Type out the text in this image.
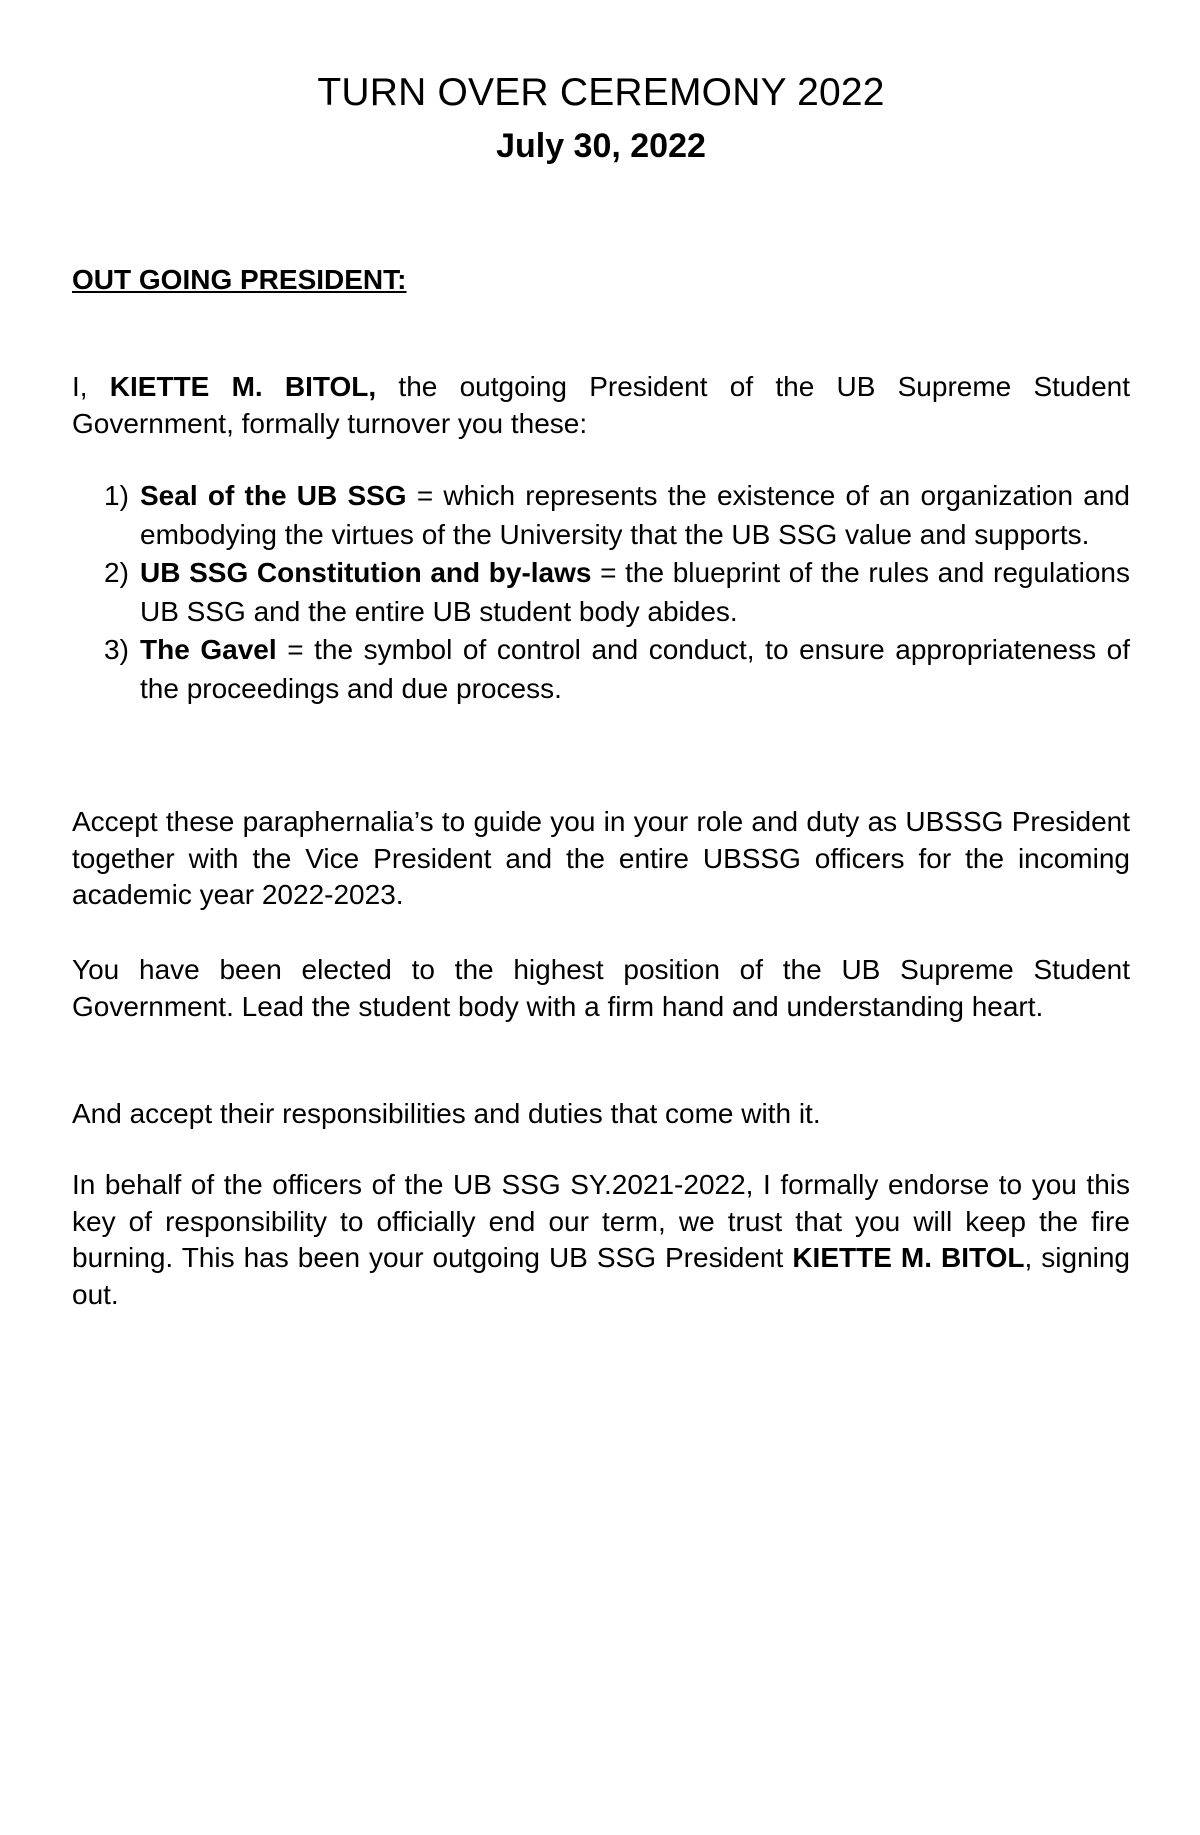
TURN OVER CEREMONY 2022
July 30, 2022

OUT GOING PRESIDENT:

I, KIETTE M. BITOL, the outgoing President of the UB Supreme Student Government, formally turnover you these:

1) Seal of the UB SSG = which represents the existence of an organization and embodying the virtues of the University that the UB SSG value and supports.
2) UB SSG Constitution and by-laws = the blueprint of the rules and regulations UB SSG and the entire UB student body abides.
3) The Gavel = the symbol of control and conduct, to ensure appropriateness of the proceedings and due process.

Accept these paraphernalia’s to guide you in your role and duty as UBSSG President together with the Vice President and the entire UBSSG officers for the incoming academic year 2022-2023.

You have been elected to the highest position of the UB Supreme Student Government. Lead the student body with a firm hand and understanding heart.

And accept their responsibilities and duties that come with it.

In behalf of the officers of the UB SSG SY.2021-2022, I formally endorse to you this key of responsibility to officially end our term, we trust that you will keep the fire burning. This has been your outgoing UB SSG President KIETTE M. BITOL, signing out.
